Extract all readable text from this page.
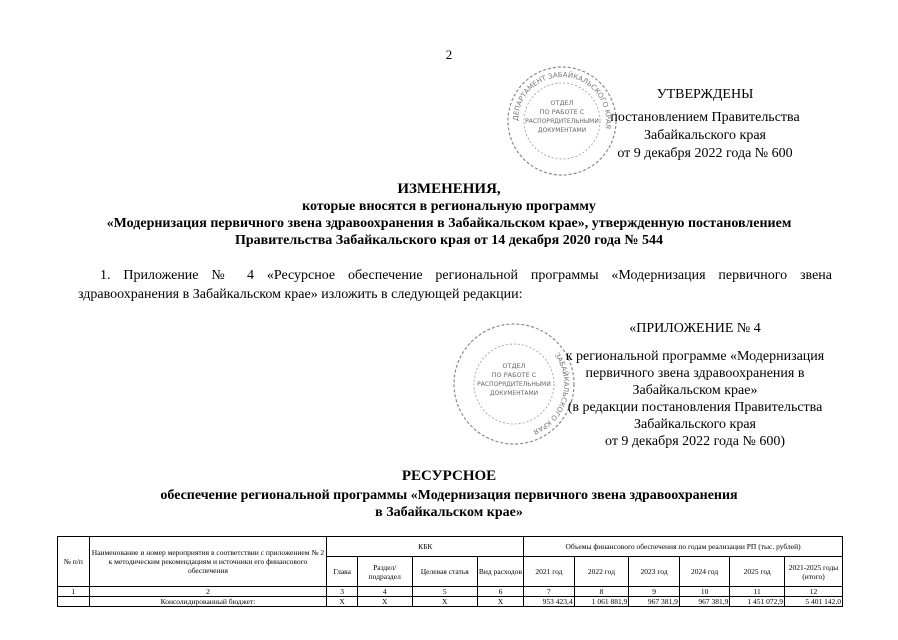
2
ДЕПАРТАМЕНТ ЗАБАЙКАЛЬСКОГО КРАЯ
ОТДЕЛ
ПО РАБОТЕ С
РАСПОРЯДИТЕЛЬНЫМИ
ДОКУМЕНТАМИ
УТВЕРЖДЕНЫ
постановлением Правительства
Забайкальского края
от 9 декабря 2022 года № 600
ИЗМЕНЕНИЯ,
которые вносятся в региональную программу
«Модернизация первичного звена здравоохранения в Забайкальском крае», утвержденную постановлением
Правительства Забайкальского края от 14 декабря 2020 года № 544
1. Приложение № 4 «Ресурсное обеспечение региональной программы «Модернизация первичного звена здравоохранения в Забайкальском крае» изложить в следующей редакции:
ЗАБАЙКАЛЬСКОГО КРАЯ
ОТДЕЛ
ПО РАБОТЕ С
РАСПОРЯДИТЕЛЬНЫМИ
ДОКУМЕНТАМИ
«ПРИЛОЖЕНИЕ № 4
к региональной программе «Модернизация
первичного звена здравоохранения в
Забайкальском крае»
(в редакции постановления Правительства
Забайкальского края
от 9 декабря 2022 года № 600)
РЕСУРСНОЕ
обеспечение региональной программы «Модернизация первичного звена здравоохранения
в Забайкальском крае»
№ п/п	Наименование и номер мероприятия в соответствии с приложением № 2 к методическим рекомендациям и источники его финансового обеспечения	КБК				Объемы финансового обеспечения по годам реализации РП (тыс. рублей)					
		Глава	Раздел/подраздел	Целевая статья	Вид расходов	2021 год	2022 год	2023 год	2024 год	2025 год	2021-2025 годы (итого)
1	2	3	4	5	6	7	8	9	10	11	12
	Консолидированный бюджет:	X	X	X	X	953 423,4	1 061 881,9	967 381,9	967 381,9	1 451 072,9	5 401 142,0
